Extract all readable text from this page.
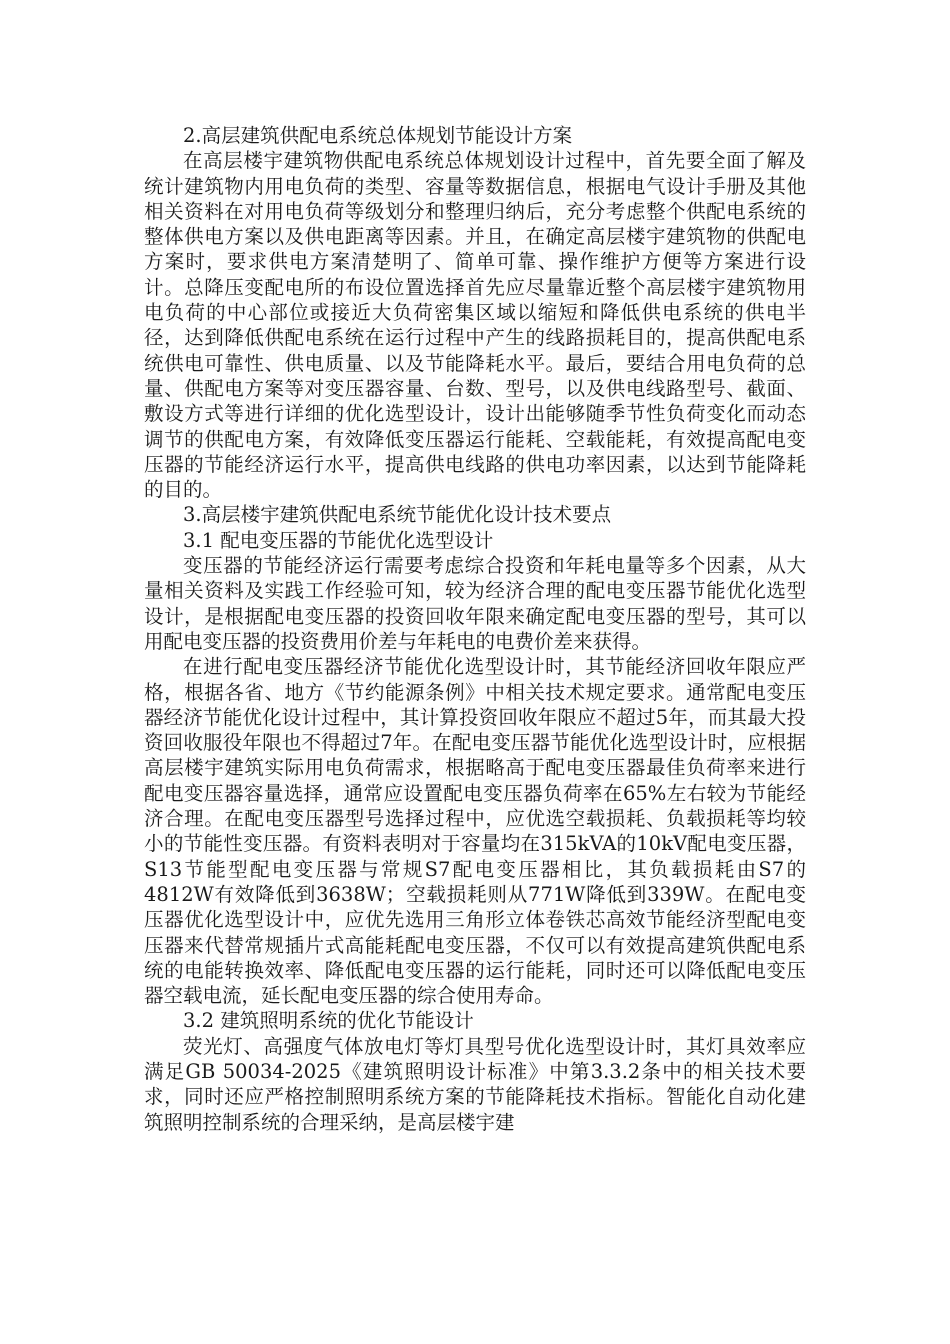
2.高层建筑供配电系统总体规划节能设计方案

在高层楼宇建筑物供配电系统总体规划设计过程中，首先要全面了解及统计建筑物内用电负荷的类型、容量等数据信息，根据电气设计手册及其他相关资料在对用电负荷等级划分和整理归纳后，充分考虑整个供配电系统的整体供电方案以及供电距离等因素。并且，在确定高层楼宇建筑物的供配电方案时，要求供电方案清楚明了、简单可靠、操作维护方便等方案进行设计。总降压变配电所的布设位置选择首先应尽量靠近整个高层楼宇建筑物用电负荷的中心部位或接近大负荷密集区域以缩短和降低供电系统的供电半径，达到降低供配电系统在运行过程中产生的线路损耗目的，提高供配电系统供电可靠性、供电质量、以及节能降耗水平。最后，要结合用电负荷的总量、供配电方案等对变压器容量、台数、型号，以及供电线路型号、截面、敷设方式等进行详细的优化选型设计，设计出能够随季节性负荷变化而动态调节的供配电方案，有效降低变压器运行能耗、空载能耗，有效提高配电变压器的节能经济运行水平，提高供电线路的供电功率因素，以达到节能降耗的目的。

3.高层楼宇建筑供配电系统节能优化设计技术要点

3.1 配电变压器的节能优化选型设计

变压器的节能经济运行需要考虑综合投资和年耗电量等多个因素，从大量相关资料及实践工作经验可知，较为经济合理的配电变压器节能优化选型设计，是根据配电变压器的投资回收年限来确定配电变压器的型号，其可以用配电变压器的投资费用价差与年耗电的电费价差来获得。

在进行配电变压器经济节能优化选型设计时，其节能经济回收年限应严格，根据各省、地方《节约能源条例》中相关技术规定要求。通常配电变压器经济节能优化设计过程中，其计算投资回收年限应不超过5年，而其最大投资回收服役年限也不得超过7年。在配电变压器节能优化选型设计时，应根据高层楼宇建筑实际用电负荷需求，根据略高于配电变压器最佳负荷率来进行配电变压器容量选择，通常应设置配电变压器负荷率在65%左右较为节能经济合理。在配电变压器型号选择过程中，应优选空载损耗、负载损耗等均较小的节能性变压器。有资料表明对于容量均在315kVA的10kV配电变压器，S13节能型配电变压器与常规S7配电变压器相比，其负载损耗由S7的4812W有效降低到3638W；空载损耗则从771W降低到339W。在配电变压器优化选型设计中，应优先选用三角形立体卷铁芯高效节能经济型配电变压器来代替常规插片式高能耗配电变压器，不仅可以有效提高建筑供配电系统的电能转换效率、降低配电变压器的运行能耗，同时还可以降低配电变压器空载电流，延长配电变压器的综合使用寿命。

3.2 建筑照明系统的优化节能设计

荧光灯、高强度气体放电灯等灯具型号优化选型设计时，其灯具效率应满足GB 50034-2025《建筑照明设计标准》中第3.3.2条中的相关技术要求，同时还应严格控制照明系统方案的节能降耗技术指标。智能化自动化建筑照明控制系统的合理采纳，是高层楼宇建
